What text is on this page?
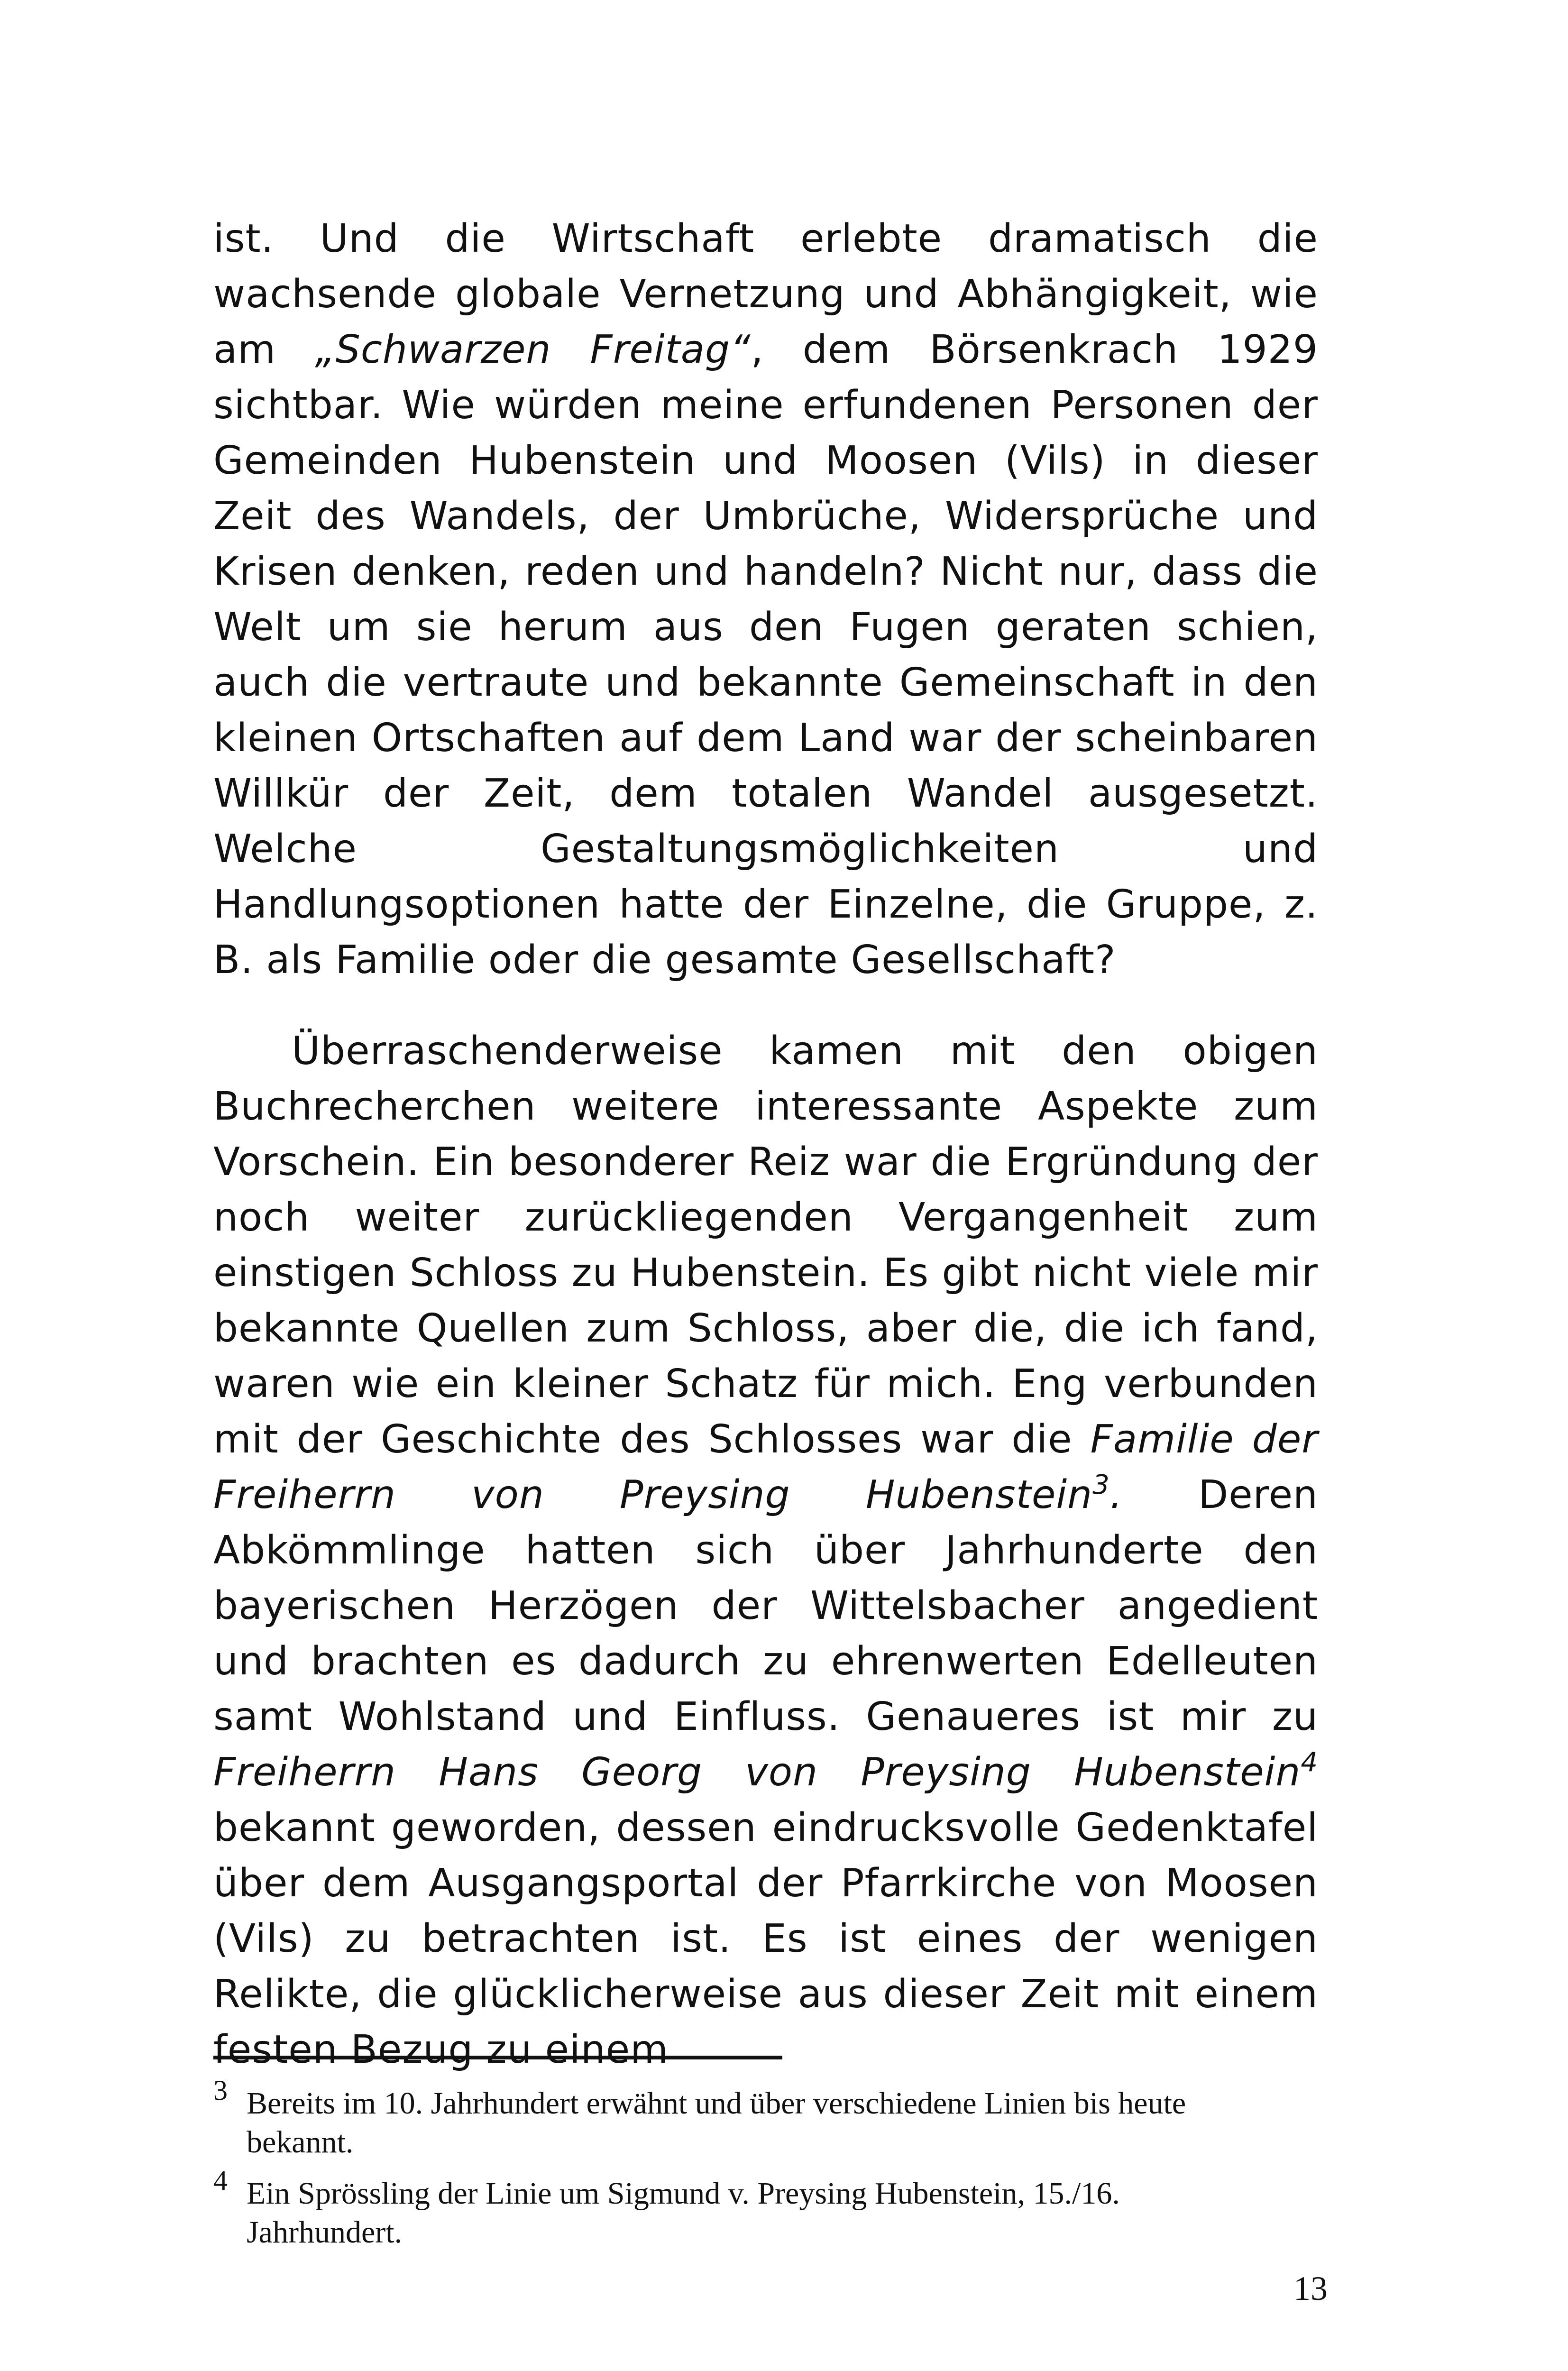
ist. Und die Wirtschaft erlebte dramatisch die wachsende globale Vernetzung und Abhängigkeit, wie am „Schwarzen Freitag“, dem Börsenkrach 1929 sichtbar. Wie würden meine erfundenen Personen der Gemeinden Hubenstein und Moosen (Vils) in dieser Zeit des Wandels, der Umbrüche, Widersprüche und Krisen denken, reden und handeln? Nicht nur, dass die Welt um sie herum aus den Fugen geraten schien, auch die vertraute und bekannte Gemeinschaft in den kleinen Ortschaften auf dem Land war der scheinbaren Willkür der Zeit, dem totalen Wandel ausgesetzt. Welche Gestaltungsmöglichkeiten und Handlungsoptionen hatte der Einzelne, die Gruppe, z. B. als Familie oder die gesamte Gesellschaft?

Überraschenderweise kamen mit den obigen Buchrecherchen weitere interessante Aspekte zum Vorschein. Ein besonderer Reiz war die Ergründung der noch weiter zurückliegenden Vergangenheit zum einstigen Schloss zu Hubenstein. Es gibt nicht viele mir bekannte Quellen zum Schloss, aber die, die ich fand, waren wie ein kleiner Schatz für mich. Eng verbunden mit der Geschichte des Schlosses war die Familie der Freiherrn von Preysing Hubenstein$^3$. Deren Abkömmlinge hatten sich über Jahrhunderte den bayerischen Herzögen der Wittelsbacher angedient und brachten es dadurch zu ehrenwerten Edelleuten samt Wohlstand und Einfluss. Genaueres ist mir zu Freiherrn Hans Georg von Preysing Hubenstein$^4$ bekannt geworden, dessen eindrucksvolle Gedenktafel über dem Ausgangsportal der Pfarrkirche von Moosen (Vils) zu betrachten ist. Es ist eines der wenigen Relikte, die glücklicherweise aus dieser Zeit mit einem festen Bezug zu einem

3 Bereits im 10. Jahrhundert erwähnt und über verschiedene Linien bis heute bekannt.
4 Ein Sprössling der Linie um Sigmund v. Preysing Hubenstein, 15./16. Jahrhundert.
13
